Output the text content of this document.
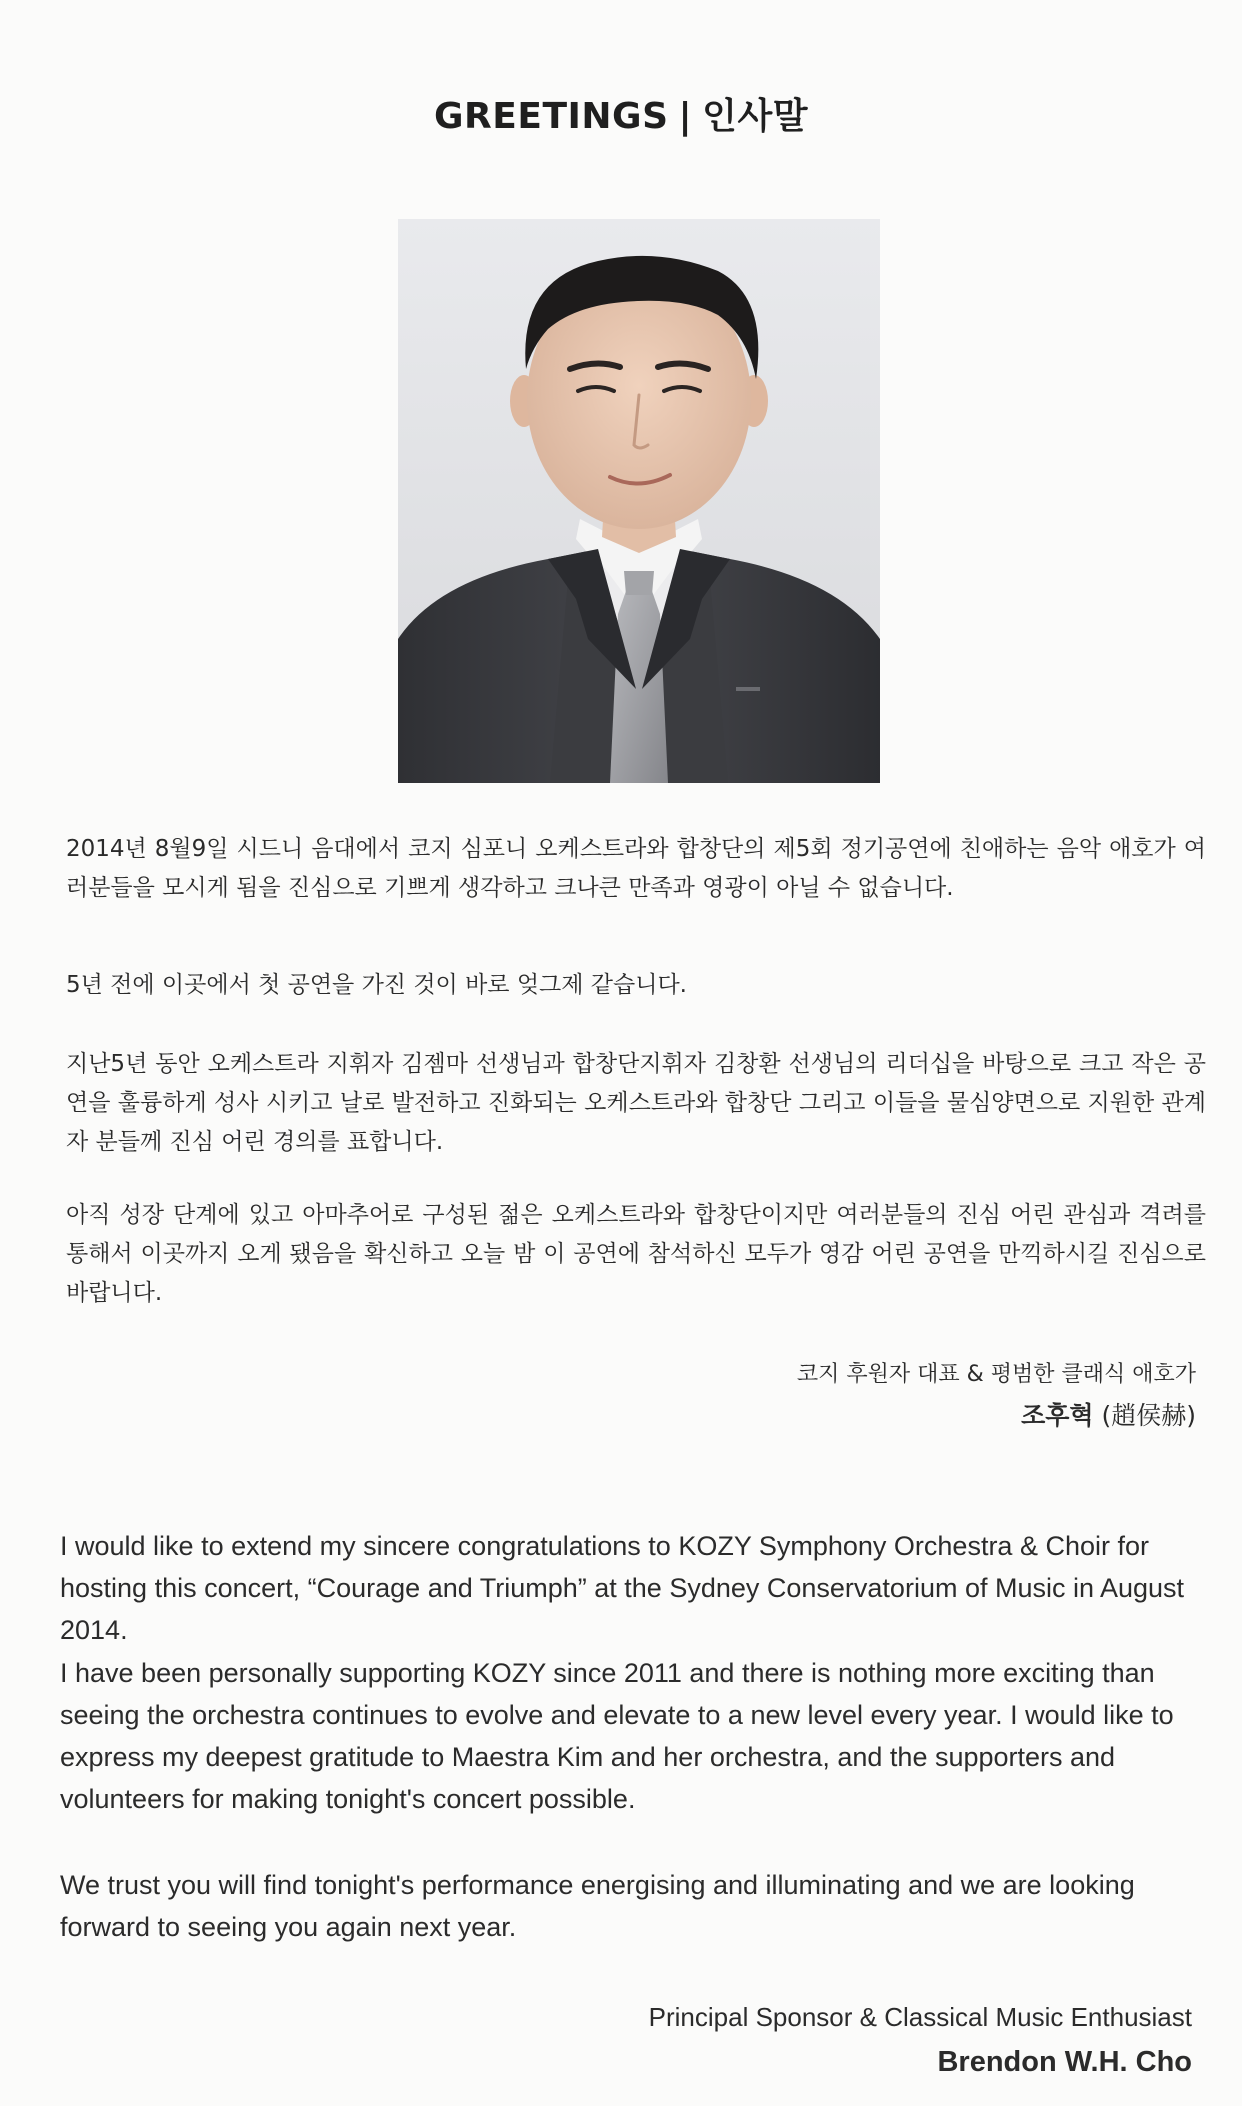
GREETINGS | 인사말

2014년 8월9일 시드니 음대에서 코지 심포니 오케스트라와 합창단의 제5회 정기공연에 친애하는 음악 애호가 여러분들을 모시게 됨을 진심으로 기쁘게 생각하고 크나큰 만족과 영광이 아닐 수 없습니다.

5년 전에 이곳에서 첫 공연을 가진 것이 바로 엊그제 같습니다.

지난5년 동안 오케스트라 지휘자 김젬마 선생님과 합창단지휘자 김창환 선생님의 리더십을 바탕으로 크고 작은 공연을 훌륭하게 성사 시키고 날로 발전하고 진화되는 오케스트라와 합창단 그리고 이들을 물심양면으로 지원한 관계자 분들께 진심 어린 경의를 표합니다.

아직 성장 단계에 있고 아마추어로 구성된 젊은 오케스트라와 합창단이지만 여러분들의 진심 어린 관심과 격려를 통해서 이곳까지 오게 됐음을 확신하고 오늘 밤 이 공연에 참석하신 모두가 영감 어린 공연을 만끽하시길 진심으로 바랍니다.

코지 후원자 대표 & 평범한 클래식 애호가
조후혁 (趙侯赫)

I would like to extend my sincere congratulations to KOZY Symphony Orchestra & Choir for hosting this concert, “Courage and Triumph” at the Sydney Conservatorium of Music in August 2014.

I have been personally supporting KOZY since 2011 and there is nothing more exciting than seeing the orchestra continues to evolve and elevate to a new level every year. I would like to express my deepest gratitude to Maestra Kim and her orchestra, and the supporters and volunteers for making tonight's concert possible.

We trust you will find tonight's performance energising and illuminating and we are looking forward to seeing you again next year.

Principal Sponsor & Classical Music Enthusiast
Brendon W.H. Cho
